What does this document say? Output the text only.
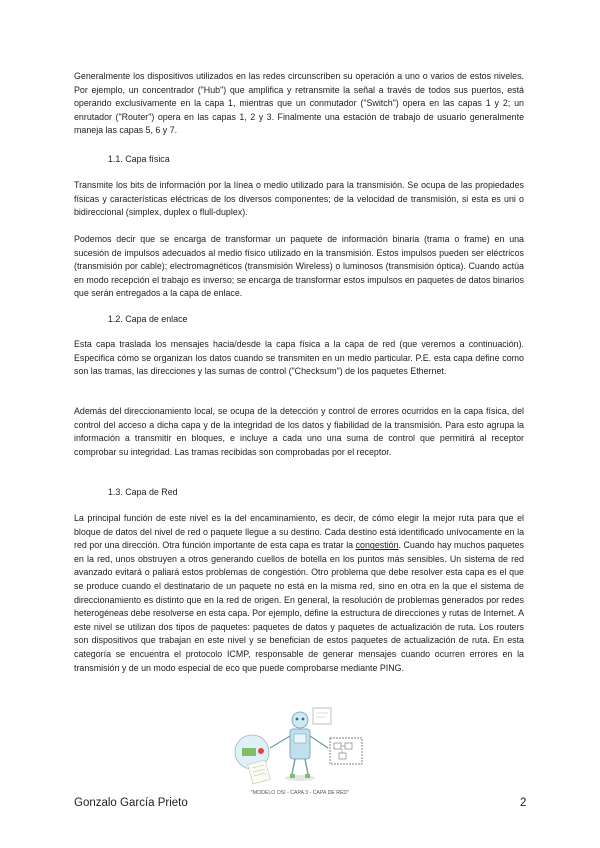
Generalmente los dispositivos utilizados en las redes circunscriben su operación a uno o varios de estos niveles. Por ejemplo, un concentrador ("Hub") que amplifica y retransmite la señal a través de todos sus puertos, está operando exclusivamente en la capa 1, mientras que un conmutador ("Switch") opera en las capas 1 y 2; un enrutador ("Router") opera en las capas 1, 2 y 3. Finalmente una estación de trabajo de usuario generalmente maneja las capas 5, 6 y 7.

1.1. Capa física

Transmite los bits de información por la línea o medio utilizado para la transmisión. Se ocupa de las propiedades físicas y características eléctricas de los diversos componentes; de la velocidad de transmisión, si esta es uni o bidireccional (simplex, duplex o flull-duplex).

Podemos decir que se encarga de transformar un paquete de información binaria (trama o frame) en una sucesión de impulsos adecuados al medio físico utilizado en la transmisión. Estos impulsos pueden ser eléctricos (transmisión por cable); electromagnéticos (transmisión Wireless) o luminosos (transmisión óptica). Cuando actúa en modo recepción el trabajo es inverso; se encarga de transformar estos impulsos en paquetes de datos binarios que serán entregados a la capa de enlace.

1.2. Capa de enlace

Esta capa traslada los mensajes hacia/desde la capa física a la capa de red (que veremos a continuación). Especifica cómo se organizan los datos cuando se transmiten en un medio particular. P.E. esta capa define como son las tramas, las direcciones y las sumas de control ("Checksum") de los paquetes Ethernet.

Además del direccionamiento local, se ocupa de la detección y control de errores ocurridos en la capa física, del control del acceso a dicha capa y de la integridad de los datos y fiabilidad de la transmisión. Para esto agrupa la información a transmitir en bloques, e incluye a cada uno una suma de control que permitirá al receptor comprobar su integridad. Las tramas recibidas son comprobadas por el receptor.

1.3. Capa de Red

La principal función de este nivel es la del encaminamiento, es decir, de cómo elegir la mejor ruta para que el bloque de datos del nivel de red o paquete llegue a su destino. Cada destino está identificado unívocamente en la red por una dirección. Otra función importante de esta capa es tratar la congestión. Cuando hay muchos paquetes en la red, unos obstruyen a otros generando cuellos de botella en los puntos más sensibles. Un sistema de red avanzado evitará o paliará estos problemas de congestión. Otro problema que debe resolver esta capa es el que se produce cuando el destinatario de un paquete no está en la misma red, sino en otra en la que el sistema de direccionamiento es distinto que en la red de origen. En general, la resolución de problemas generados por redes heterogéneas debe resolverse en esta capa. Por ejemplo, define la estructura de direcciones y rutas de Internet. A este nivel se utilizan dos tipos de paquetes: paquetes de datos y paquetes de actualización de ruta. Los routers son dispositivos que trabajan en este nivel y se benefician de estos paquetes de actualización de ruta. En esta categoría se encuentra el protocolo ICMP, responsable de generar mensajes cuando ocurren errores en la transmisión y de un modo especial de eco que puede comprobarse mediante PING.

"MODELO OSI - CAPA 3 - CAPA DE RED"
Gonzalo García Prieto	2
